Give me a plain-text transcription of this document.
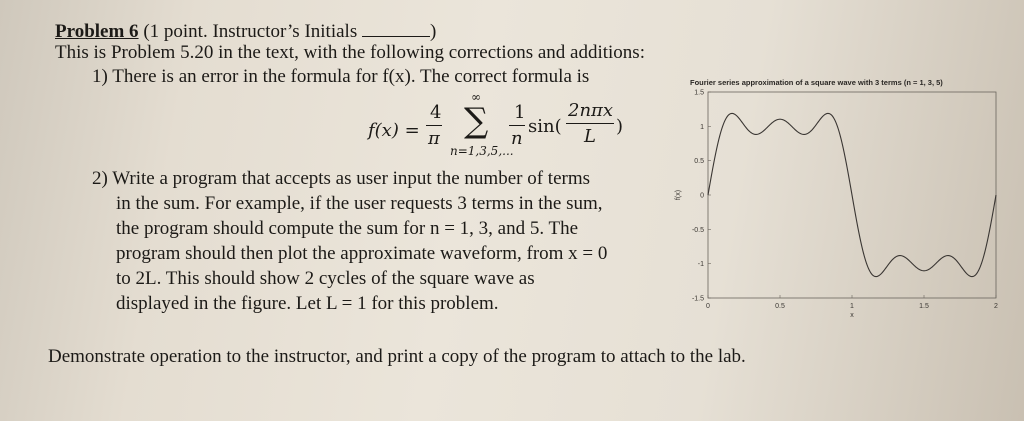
Problem 6 (1 point. Instructor’s Initials	)
This is Problem 5.20 in the text, with the following corrections and additions:
1) There is an error in the formula for f(x). The correct formula is
f(x) =
4
π
∞
∑
n=1,3,5,...
1
n
sin(
2nπx
L )
2) Write a program that accepts as user input the number of terms
in the sum. For example, if the user requests 3 terms in the sum,
the program should compute the sum for n = 1, 3, and 5. The
program should then plot the approximate waveform, from x = 0
to 2L. This should show 2 cycles of the square wave as
displayed in the figure. Let L = 1 for this problem.
Demonstrate operation to the instructor, and print a copy of the program to attach to the lab.
Fourier series approximation of a square wave with 3 terms (n = 1, 3, 5)
1.5
1
0.5
0
-0.5
-1
-1.5
0	0.5	1	1.5	2
x
f(x)
